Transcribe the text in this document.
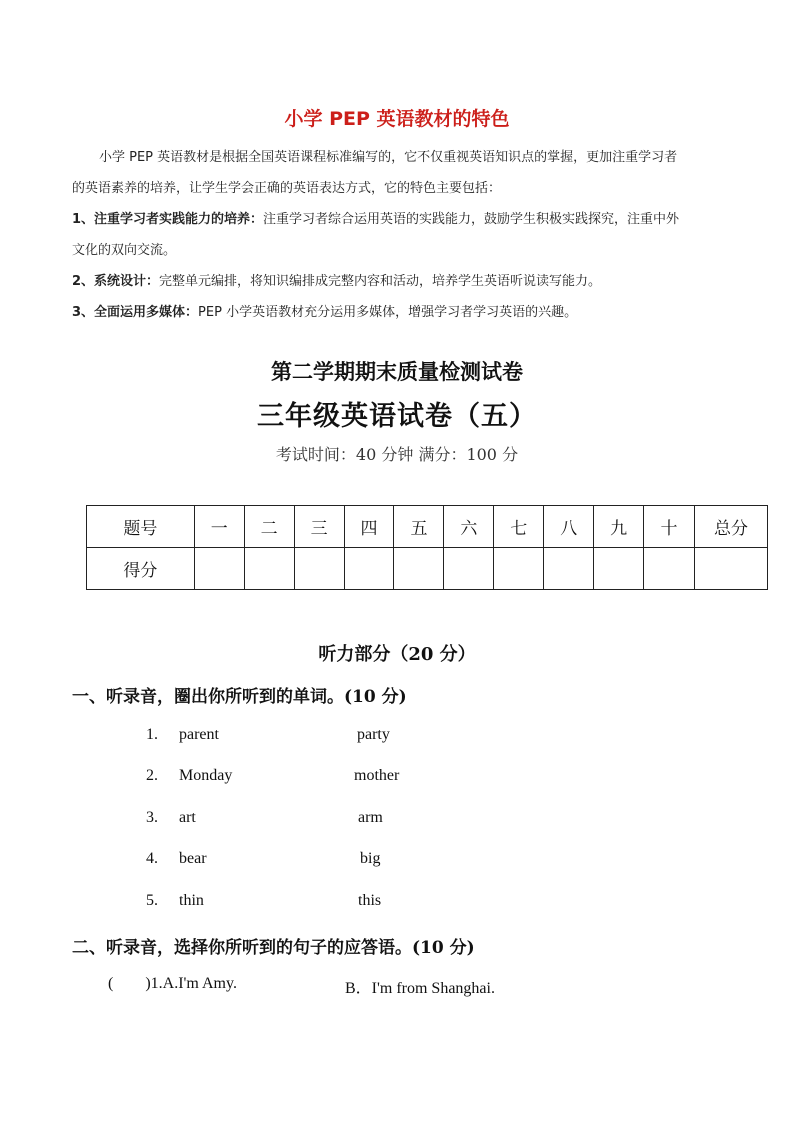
小学 PEP 英语教材的特色

小学 PEP 英语教材是根据全国英语课程标准编写的，它不仅重视英语知识点的掌握，更加注重学习者

的英语素养的培养，让学生学会正确的英语表达方式，它的特色主要包括：

1、注重学习者实践能力的培养：注重学习者综合运用英语的实践能力，鼓励学生积极实践探究，注重中外

文化的双向交流。

2、系统设计：完整单元编排，将知识编排成完整内容和活动，培养学生英语听说读写能力。

3、全面运用多媒体：PEP 小学英语教材充分运用多媒体，增强学习者学习英语的兴趣。

第二学期期末质量检测试卷
三年级英语试卷（五）
考试时间：40 分钟 满分：100 分
题号	一	二	三	四	五	六	七	八	九	十	总分
得分											
听力部分（20 分）
一、听录音，圈出你所听到的单词。(10 分)
1. parent	party
2. Monday	mother
3. art	arm
4. bear	big
5. thin	this
二、听录音，选择你所听到的句子的应答语。(10 分)
(        )1.A.I'm Amy.	B．I'm from Shanghai.
